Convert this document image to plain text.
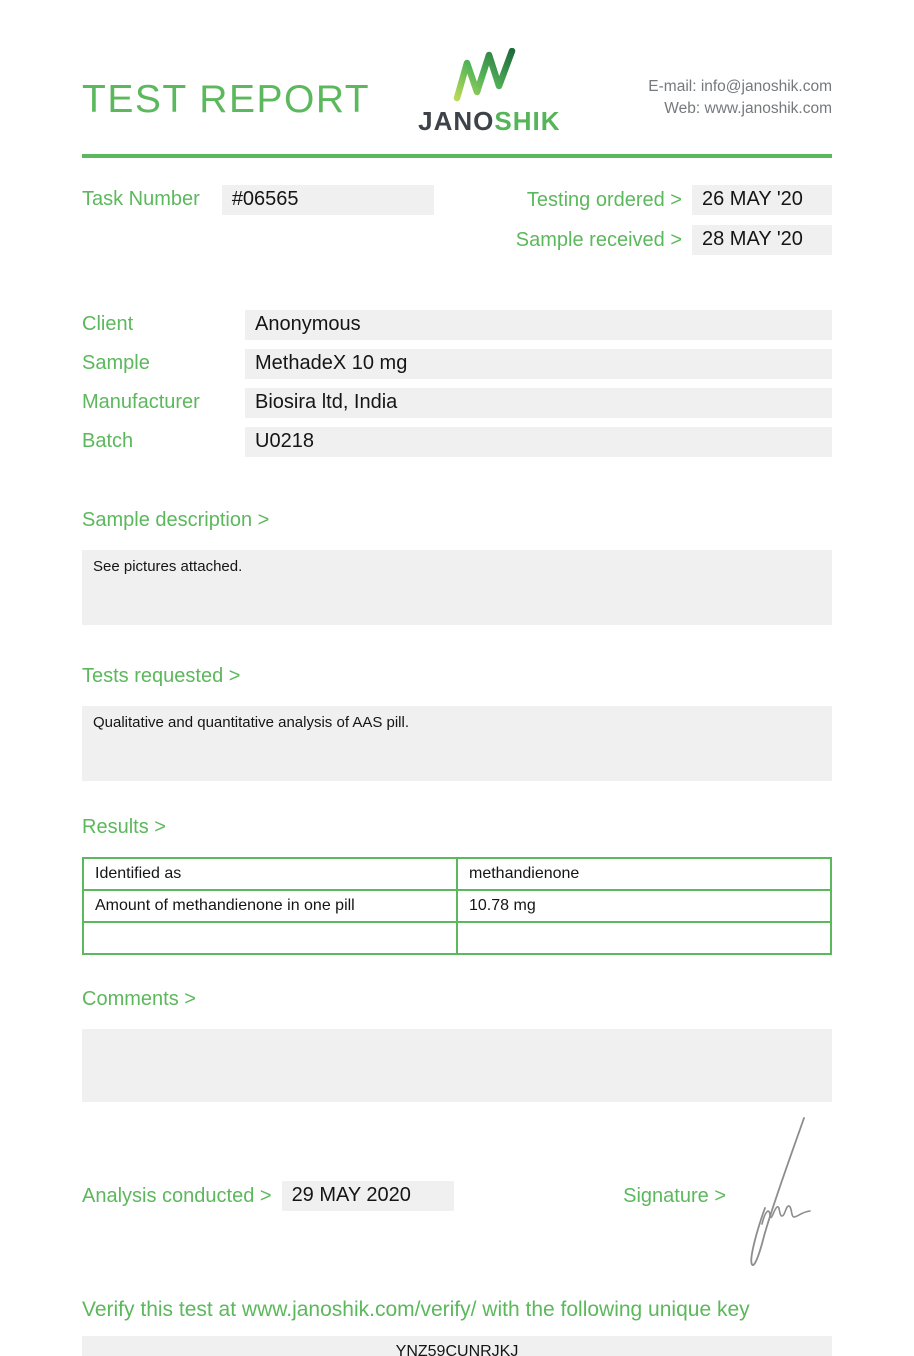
TEST REPORT JANOSHIK
E-mail: info@janoshik.com
Web: www.janoshik.com
Task Number	#06565	Testing ordered >	26 MAY '20
Sample received >	28 MAY '20
Client	Anonymous
Sample	MethadeX 10 mg
Manufacturer	Biosira ltd, India
Batch	U0218
Sample description >
See pictures attached.
Tests requested >
Qualitative and quantitative analysis of AAS pill.
Results >
Identified as	methandienone
Amount of methandienone in one pill	10.78 mg

Comments >
Analysis conducted >	29 MAY 2020	Signature >
Verify this test at www.janoshik.com/verify/ with the following unique key
YNZ59CUNRJKJ
